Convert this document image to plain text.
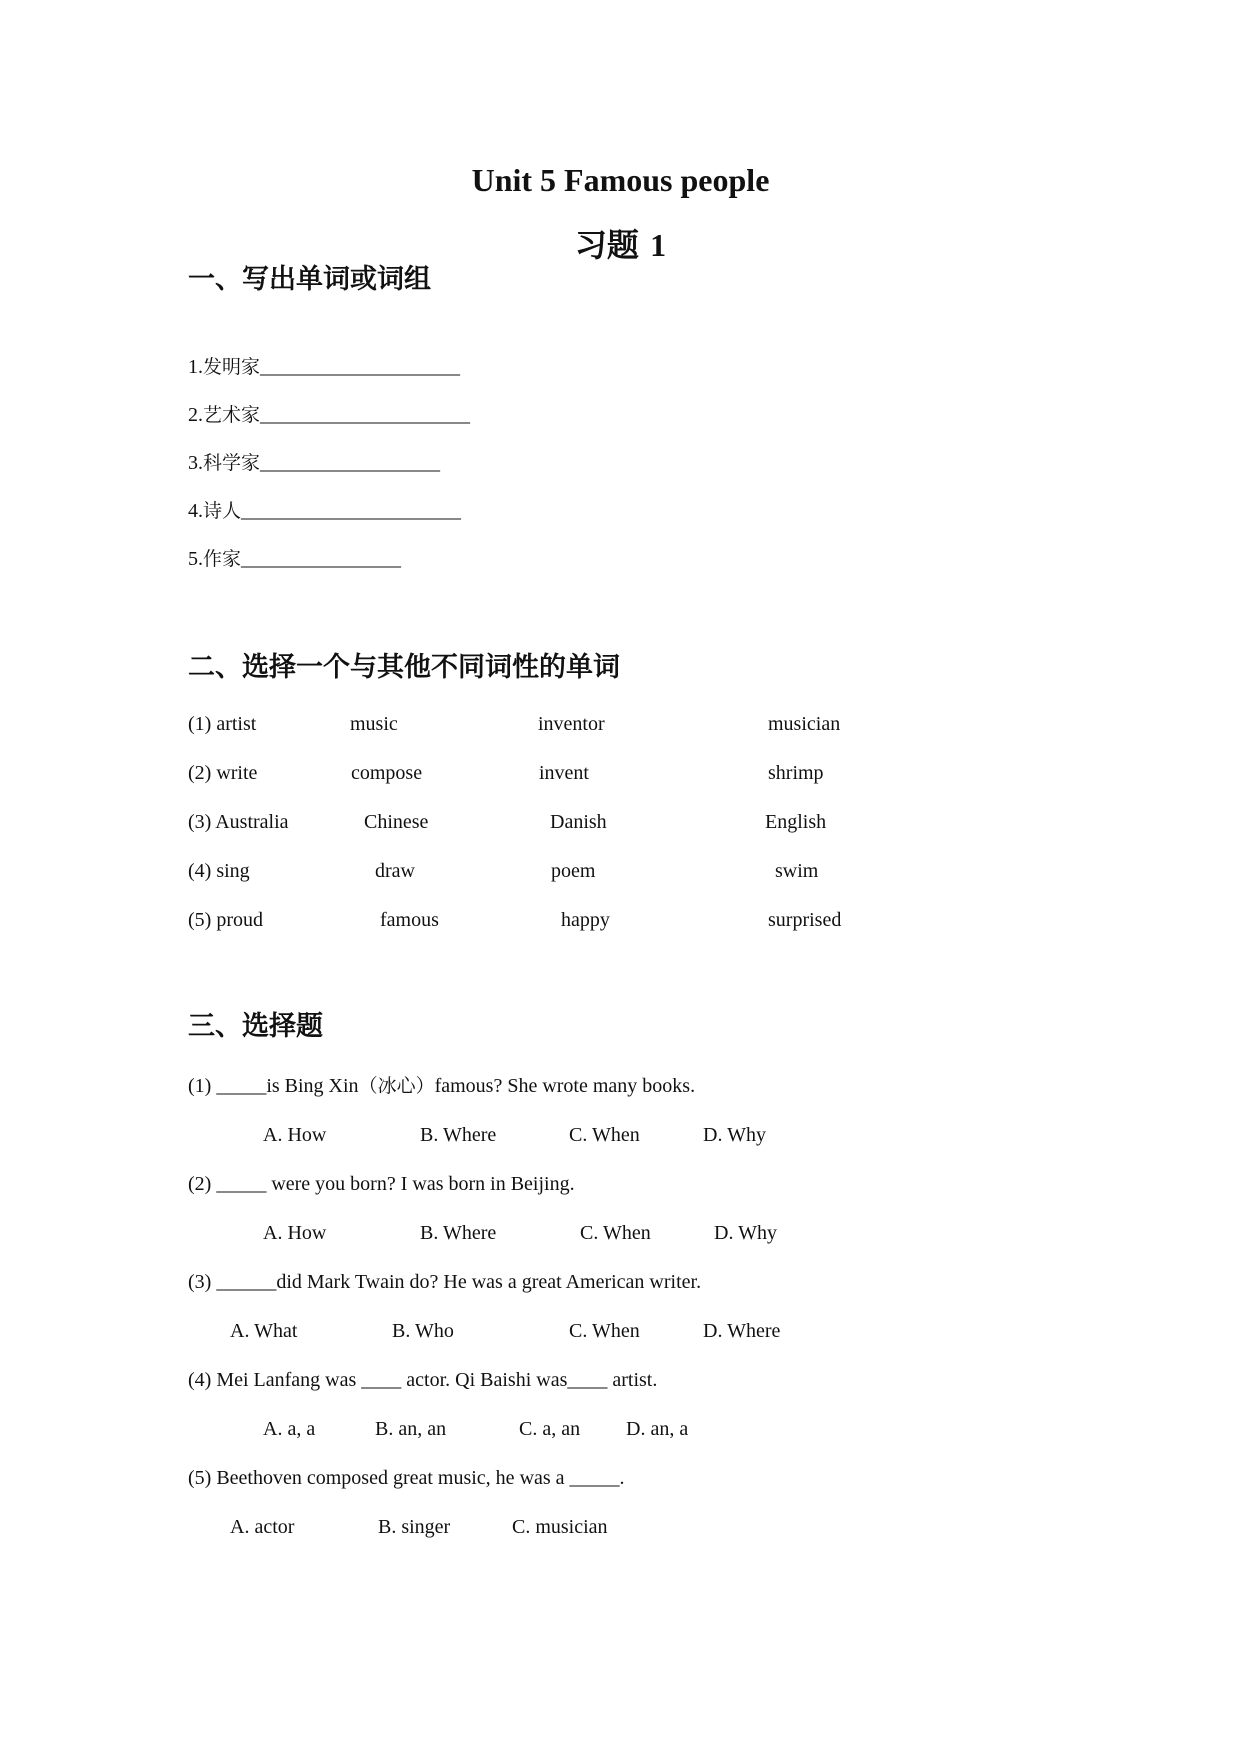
Unit 5 Famous people
习题 1
一、写出单词或词组
1.发明家____________________
2.艺术家_____________________
3.科学家__________________
4.诗人______________________
5.作家________________
二、选择一个与其他不同词性的单词
(1) artist	music	inventor	musician
(2) write	compose	invent	shrimp
(3) Australia	Chinese	Danish	English
(4) sing	draw	poem	swim
(5) proud	famous	happy	surprised
三、选择题
(1) _____is Bing Xin（冰心）famous? She wrote many books.
A. How	B. Where	C. When	D. Why
(2) _____ were you born? I was born in Beijing.
A. How	B. Where	C. When	D. Why
(3) ______did Mark Twain do? He was a great American writer.
A. What	B. Who	C. When	D. Where
(4) Mei Lanfang was ____ actor. Qi Baishi was____ artist.
A. a, a	B. an, an	C. a, an D. an, a
(5) Beethoven composed great music, he was a _____.
A. actor	B. singer	C. musician
